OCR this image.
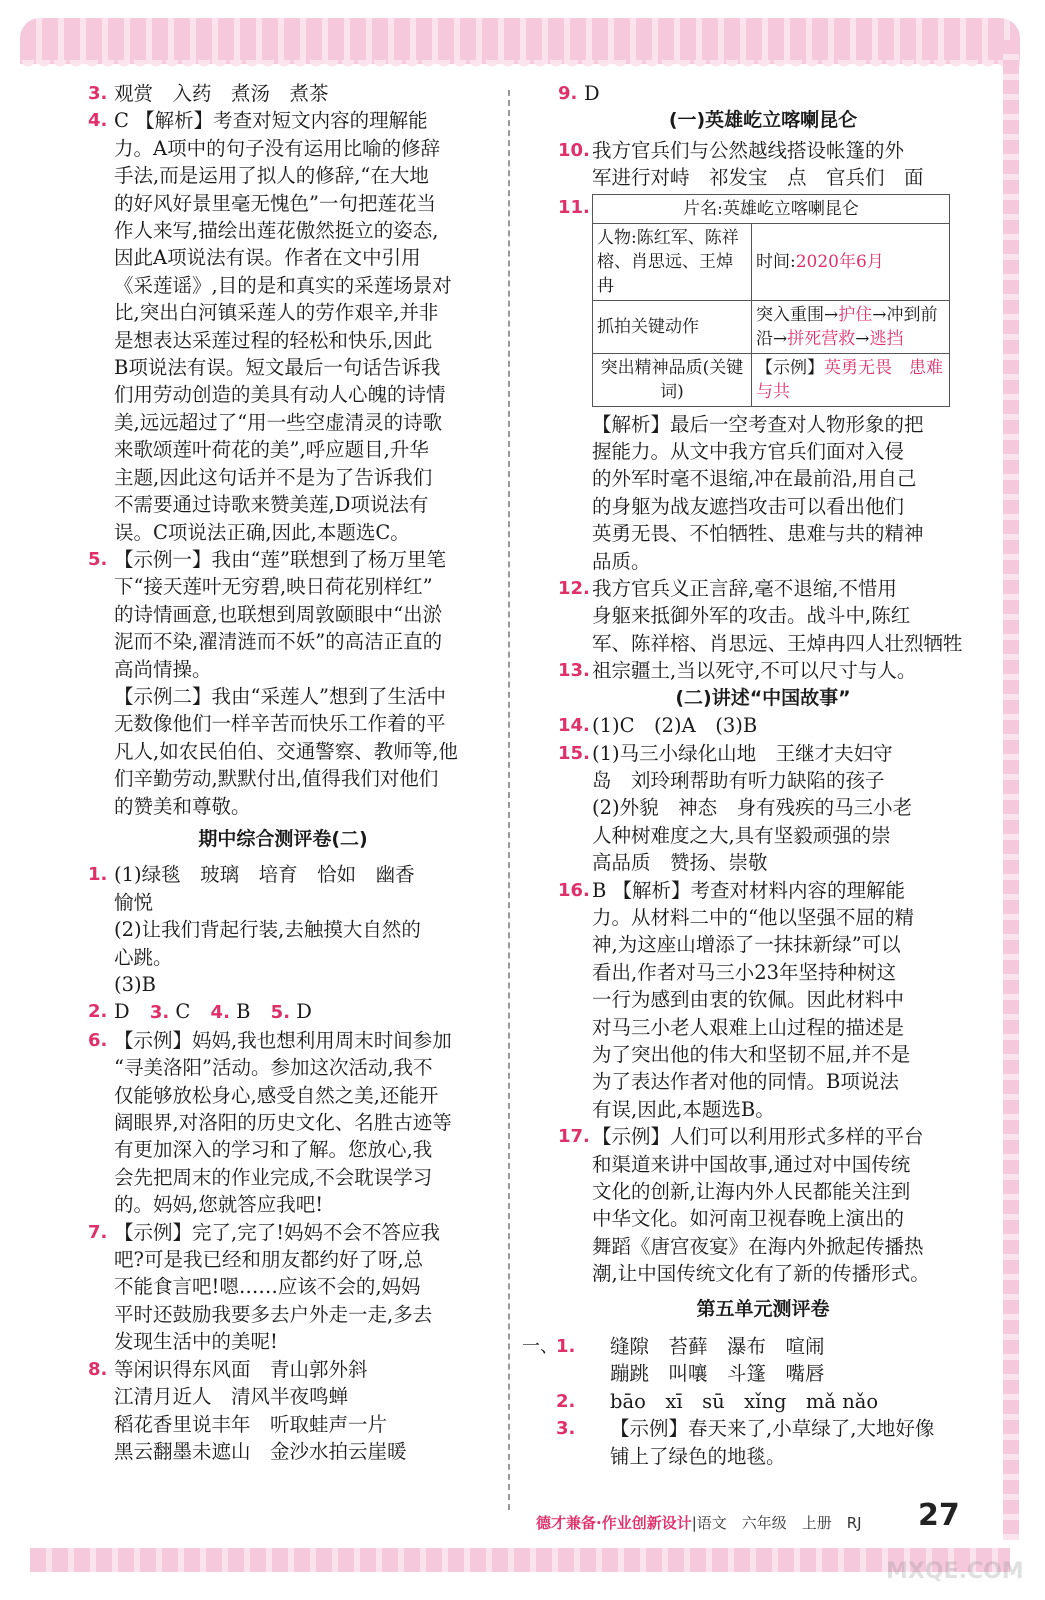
3. 观赏　入药　煮汤　煮茶
4. C 【解析】考查对短文内容的理解能
力。A项中的句子没有运用比喻的修辞
手法,而是运用了拟人的修辞,“在大地
的好风好景里毫无愧色”一句把莲花当
作人来写,描绘出莲花傲然挺立的姿态,
因此A项说法有误。作者在文中引用
《采莲谣》,目的是和真实的采莲场景对
比,突出白河镇采莲人的劳作艰辛,并非
是想表达采莲过程的轻松和快乐,因此
B项说法有误。短文最后一句话告诉我
们用劳动创造的美具有动人心魄的诗情
美,远远超过了“用一些空虚清灵的诗歌
来歌颂莲叶荷花的美”,呼应题目,升华
主题,因此这句话并不是为了告诉我们
不需要通过诗歌来赞美莲,D项说法有
误。C项说法正确,因此,本题选C。
5. 【示例一】我由“莲”联想到了杨万里笔
下“接天莲叶无穷碧,映日荷花别样红”
的诗情画意,也联想到周敦颐眼中“出淤
泥而不染,濯清涟而不妖”的高洁正直的
高尚情操。
【示例二】我由“采莲人”想到了生活中
无数像他们一样辛苦而快乐工作着的平
凡人,如农民伯伯、交通警察、教师等,他
们辛勤劳动,默默付出,值得我们对他们
的赞美和尊敬。
期中综合测评卷(二)
1. (1)绿毯　玻璃　培育　恰如　幽香
愉悦
(2)让我们背起行装,去触摸大自然的
心跳。
(3)B
2. D 3. C 4. B 5. D
6. 【示例】妈妈,我也想利用周末时间参加
“寻美洛阳”活动。参加这次活动,我不
仅能够放松身心,感受自然之美,还能开
阔眼界,对洛阳的历史文化、名胜古迹等
有更加深入的学习和了解。您放心,我
会先把周末的作业完成,不会耽误学习
的。妈妈,您就答应我吧!
7. 【示例】完了,完了!妈妈不会不答应我
吧?可是我已经和朋友都约好了呀,总
不能食言吧!嗯……应该不会的,妈妈
平时还鼓励我要多去户外走一走,多去
发现生活中的美呢!
8. 等闲识得东风面　青山郭外斜
江清月近人　清风半夜鸣蝉
稻花香里说丰年　听取蛙声一片
黑云翻墨未遮山　金沙水拍云崖暖
9. D
(一)英雄屹立喀喇昆仑
10. 我方官兵们与公然越线搭设帐篷的外
军进行对峙　祁发宝　点　官兵们　面
11.	片名:英雄屹立喀喇昆仑	
人物:陈红军、陈祥榕、肖思远、王焯冉	时间:2020年6月
抓拍关键动作	突入重围→护住→冲到前沿→拼死营救→逃挡
突出精神品质(关键词)	【示例】英勇无畏　患难与共
【解析】最后一空考查对人物形象的把
握能力。从文中我方官兵们面对入侵
的外军时毫不退缩,冲在最前沿,用自己
的身躯为战友遮挡攻击可以看出他们
英勇无畏、不怕牺牲、患难与共的精神
品质。
12. 我方官兵义正言辞,毫不退缩,不惜用
身躯来抵御外军的攻击。战斗中,陈红
军、陈祥榕、肖思远、王焯冉四人壮烈牺牲
13. 祖宗疆土,当以死守,不可以尺寸与人。
(二)讲述“中国故事”
14. (1)C　(2)A　(3)B
15. (1)马三小绿化山地　王继才夫妇守
岛　刘玲琍帮助有听力缺陷的孩子
(2)外貌　神态　身有残疾的马三小老
人种树难度之大,具有坚毅顽强的崇
高品质　赞扬、崇敬
16. B 【解析】考查对材料内容的理解能
力。从材料二中的“他以坚强不屈的精
神,为这座山增添了一抹抹新绿”可以
看出,作者对马三小23年坚持种树这
一行为感到由衷的钦佩。因此材料中
对马三小老人艰难上山过程的描述是
为了突出他的伟大和坚韧不屈,并不是
为了表达作者对他的同情。B项说法
有误,因此,本题选B。
17. 【示例】人们可以利用形式多样的平台
和渠道来讲中国故事,通过对中国传统
文化的创新,让海内外人民都能关注到
中华文化。如河南卫视春晚上演出的
舞蹈《唐宫夜宴》在海内外掀起传播热
潮,让中国传统文化有了新的传播形式。
第五单元测评卷
一、
1. 缝隙　苔藓　瀑布　喧闹
蹦跳　叫嚷　斗篷　嘴唇
2. bāo　xī　sū　xǐng　mǎ nǎo
3. 【示例】春天来了,小草绿了,大地好像
铺上了绿色的地毯。
德才兼备·作业创新设计|语文　六年级　上册　RJ 27
MXQE.COM
